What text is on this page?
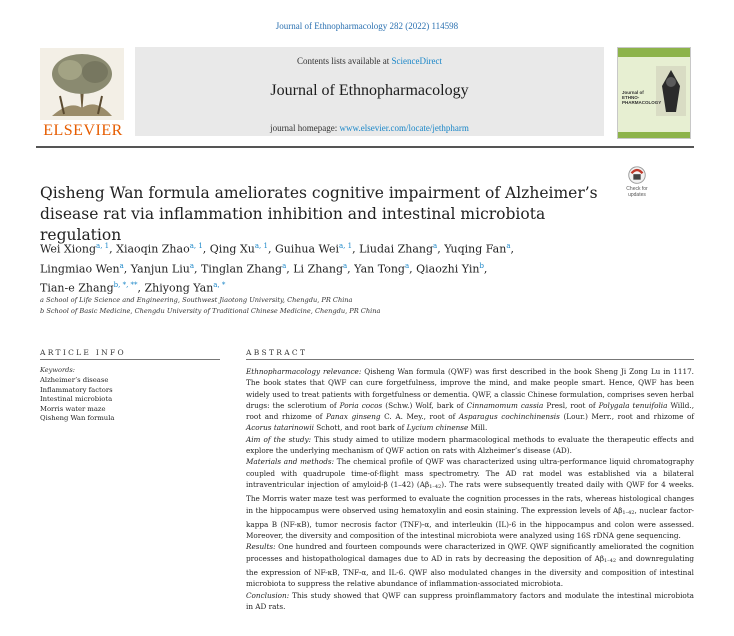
Journal of Ethnopharmacology 282 (2022) 114598
ELSEVIER
Contents lists available at ScienceDirect
Journal of Ethnopharmacology
journal homepage: www.elsevier.com/locate/jethpharm
Journal of ETHNO-PHARMACOLOGY
Check for updates
Qisheng Wan formula ameliorates cognitive impairment of Alzheimer’s disease rat via inflammation inhibition and intestinal microbiota regulation
Wei Xiong$^{a, 1}$, Xiaoqin Zhao$^{a, 1}$, Qing Xu$^{a, 1}$, Guihua Wei$^{a, 1}$, Liudai Zhang$^a$, Yuqing Fan$^a$,
Lingmiao Wen$^a$, Yanjun Liu$^a$, Tinglan Zhang$^a$, Li Zhang$^a$, Yan Tong$^a$, Qiaozhi Yin$^b$,
Tian-e Zhang$^{b, *, **}$, Zhiyong Yan$^{a, *}$
a School of Life Science and Engineering, Southwest Jiaotong University, Chengdu, PR China
b School of Basic Medicine, Chengdu University of Traditional Chinese Medicine, Chengdu, PR China
ARTICLE INFO
Keywords:
Alzheimer’s disease
Inflammatory factors
Intestinal microbiota
Morris water maze
Qisheng Wan formula
ABSTRACT

Ethnopharmacology relevance: Qisheng Wan formula (QWF) was first described in the book Sheng Ji Zong Lu in 1117. The book states that QWF can cure forgetfulness, improve the mind, and make people smart. Hence, QWF has been widely used to treat patients with forgetfulness or dementia. QWF, a classic Chinese formulation, comprises seven herbal drugs: the sclerotium of Poria cocos (Schw.) Wolf, bark of Cinnamomum cassia Presl, root of Polygala tenuifolia Willd., root and rhizome of Panax ginseng C. A. Mey., root of Asparagus cochinchinensis (Lour.) Merr., root and rhizome of Acorus tatarinowii Schott, and root bark of Lycium chinense Mill.

Aim of the study: This study aimed to utilize modern pharmacological methods to evaluate the therapeutic effects and explore the underlying mechanism of QWF action on rats with Alzheimer’s disease (AD).

Materials and methods: The chemical profile of QWF was characterized using ultra-performance liquid chromatography coupled with quadrupole time-of-flight mass spectrometry. The AD rat model was established via a bilateral intraventricular injection of amyloid-β (1–42) $(A\beta_{1-42})$. The rats were subsequently treated daily with QWF for 4 weeks. The Morris water maze test was performed to evaluate the cognition processes in the rats, whereas histological changes in the hippocampus were observed using hematoxylin and eosin staining. The expression levels of $A\beta_{1-42}$, nuclear factor-kappa B (NF-κB), tumor necrosis factor (TNF)-α, and interleukin (IL)-6 in the hippocampus and colon were assessed. Moreover, the diversity and composition of the intestinal microbiota were analyzed using 16S rDNA gene sequencing.

Results: One hundred and fourteen compounds were characterized in QWF. QWF significantly ameliorated the cognition processes and histopathological damages due to AD in rats by decreasing the deposition of $A\beta_{1-42}$ and downregulating the expression of NF-κB, TNF-α, and IL-6. QWF also modulated changes in the diversity and composition of intestinal microbiota to suppress the relative abundance of inflammation-associated microbiota.

Conclusion: This study showed that QWF can suppress proinflammatory factors and modulate the intestinal microbiota in AD rats.
